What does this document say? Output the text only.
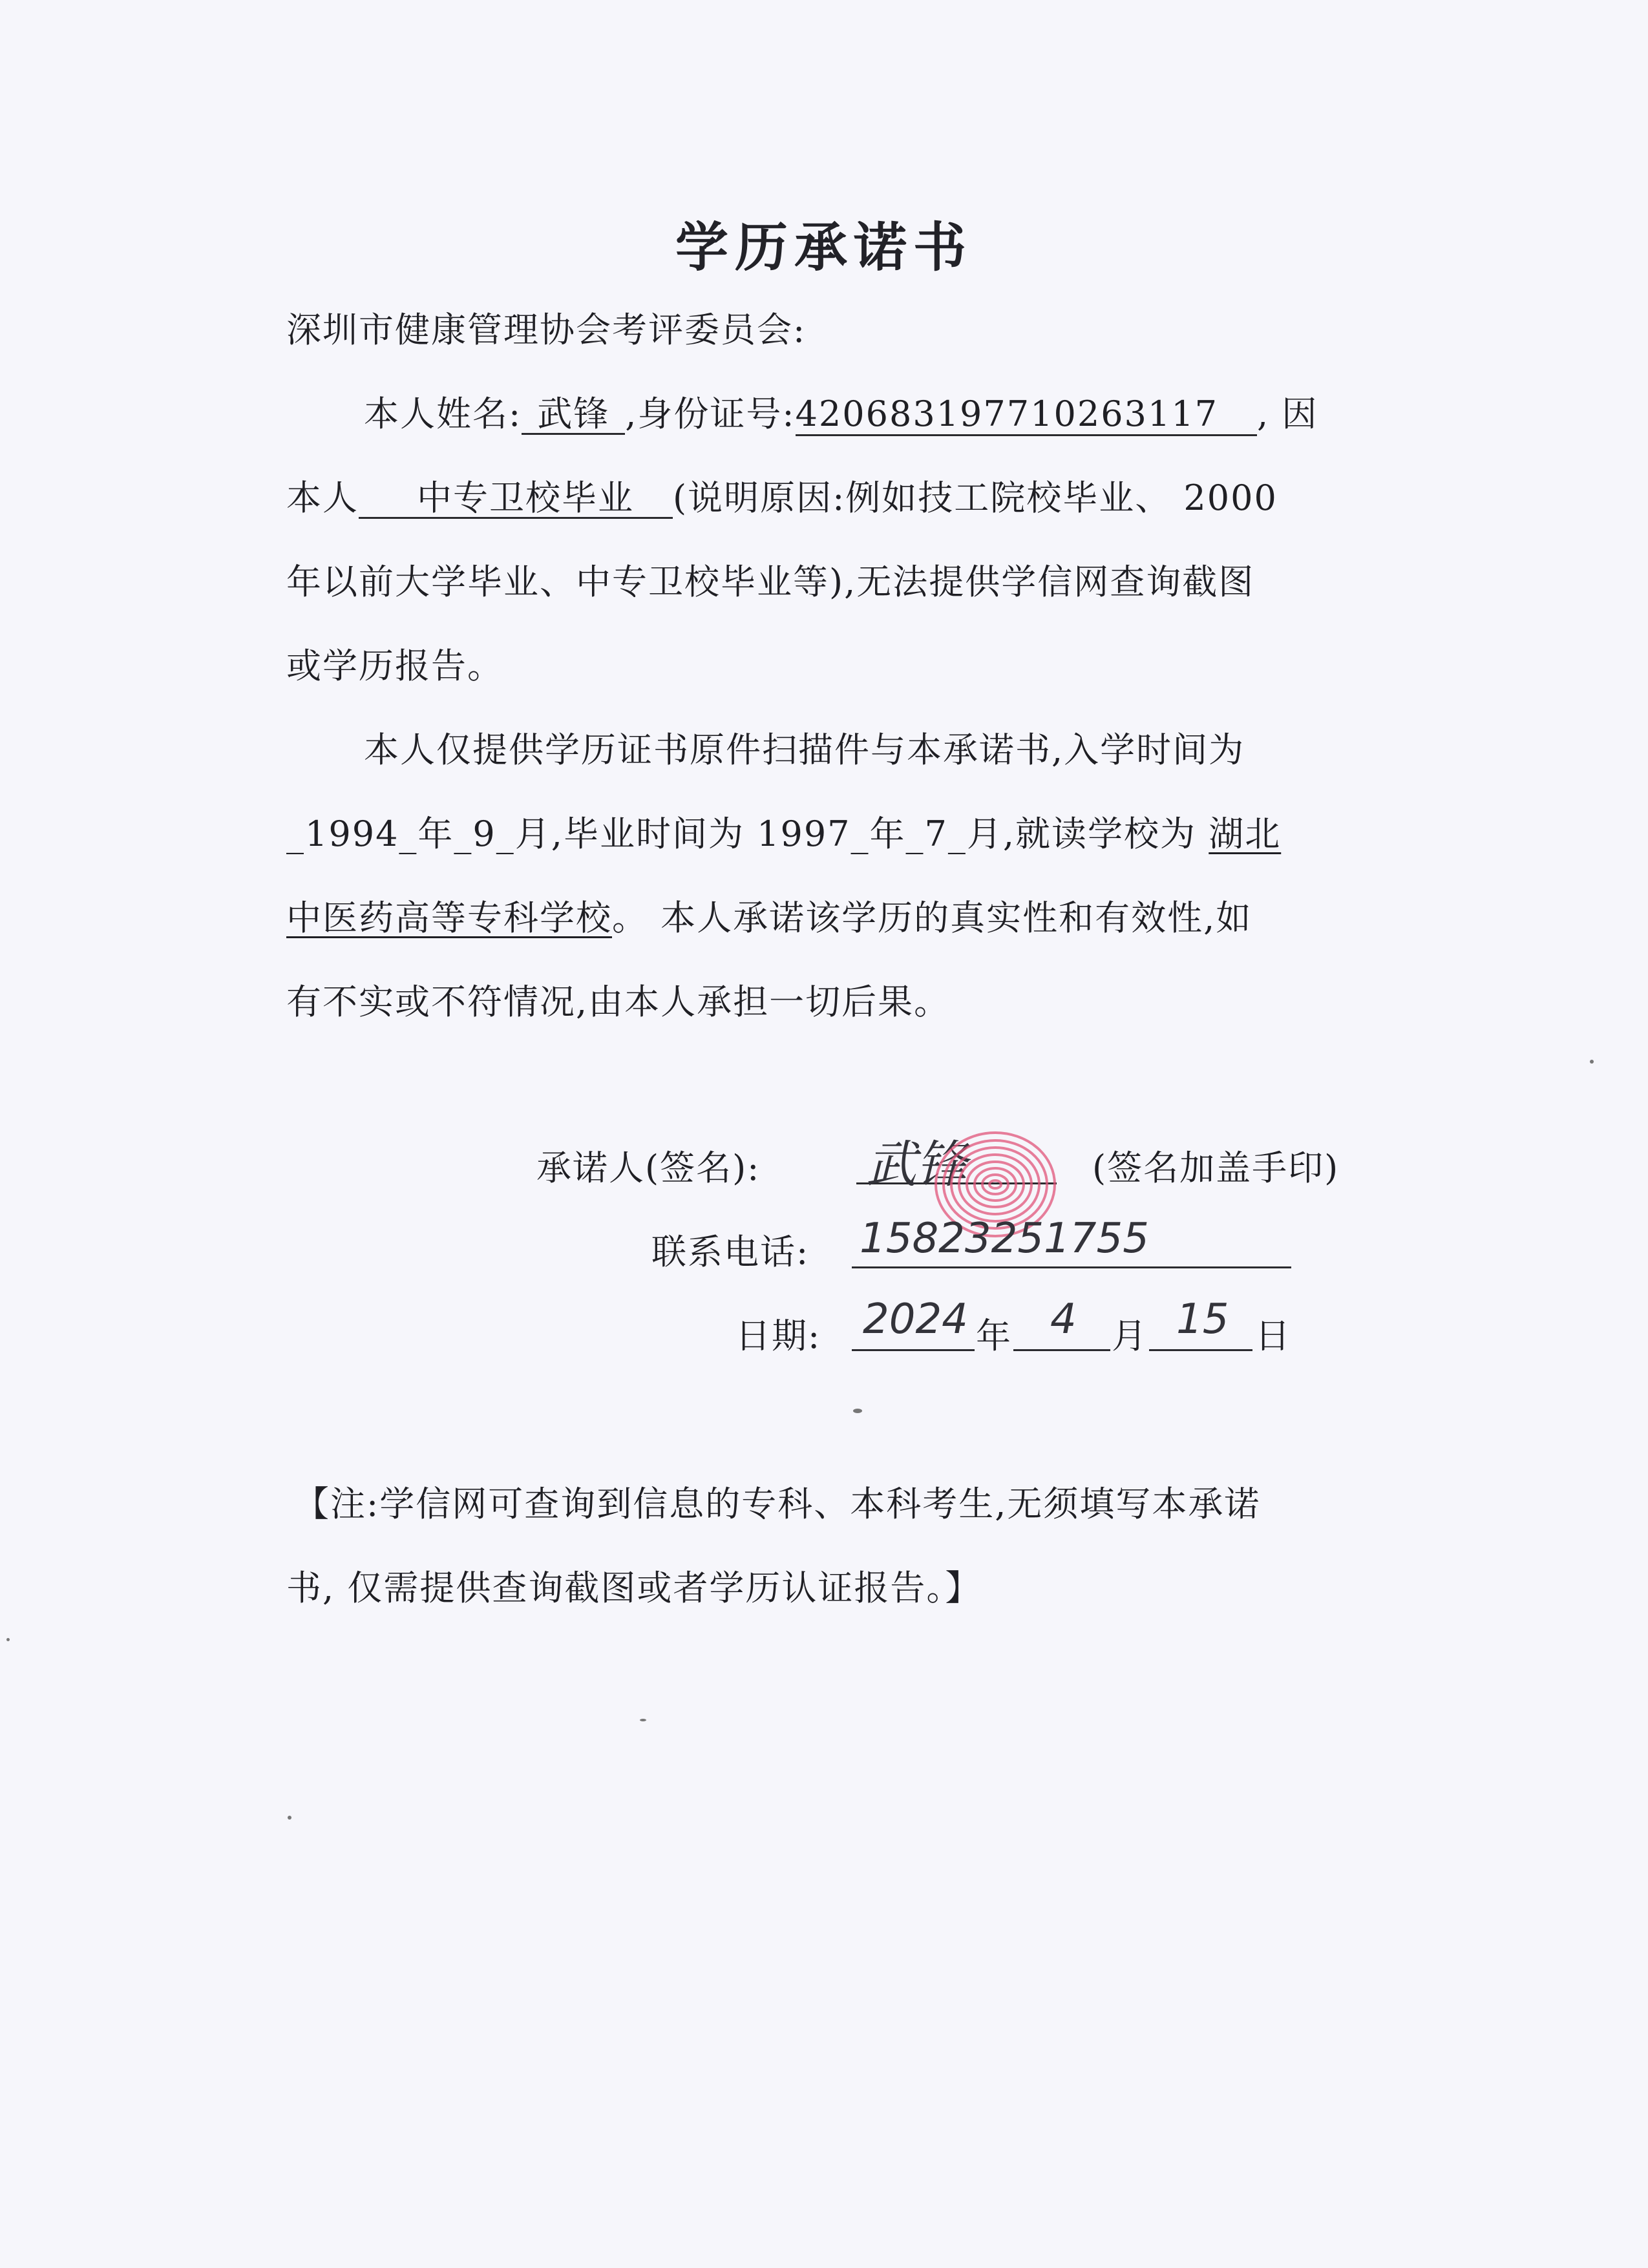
学历承诺书
深圳市健康管理协会考评委员会:
本人姓名: 武锋 ,身份证号:420683197710263117 , 因
本人 中专卫校毕业 (说明原因:例如技工院校毕业、 2000
年以前大学毕业、中专卫校毕业等),无法提供学信网查询截图
或学历报告。
本人仅提供学历证书原件扫描件与本承诺书,入学时间为
_1994_年_9_月,毕业时间为 1997_年_7_月,就读学校为 湖北
中医药高等专科学校。 本人承诺该学历的真实性和有效性,如
有不实或不符情况,由本人承担一切后果。
承诺人(签名): 武锋	(签名加盖手印)
联系电话: 15823251755
日期: 2024 年 4 月 15 日
【注:学信网可查询到信息的专科、本科考生,无须填写本承诺
书, 仅需提供查询截图或者学历认证报告。】
